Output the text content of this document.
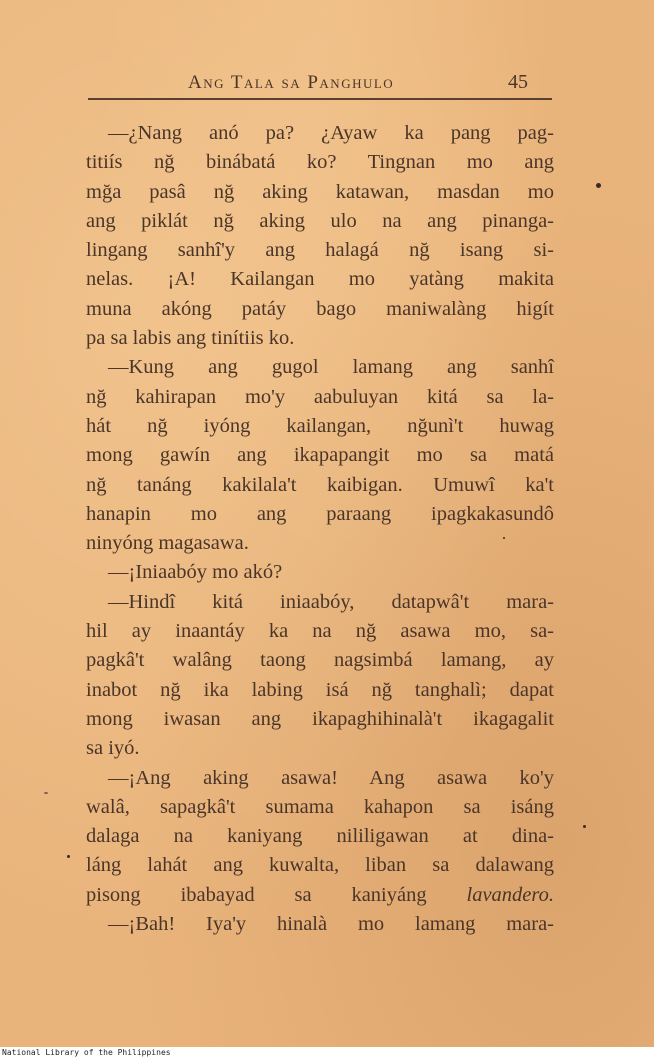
Ang Tala sa Panghulo	45
—¿Nang anó pa? ¿Ayaw ka pang pag-
titiís nğ binábatá ko? Tingnan mo ang
mğa pasâ nğ aking katawan, masdan mo
ang piklát nğ aking ulo na ang pinanga-
lingang sanhî'y ang halagá nğ isang si-
nelas. ¡A! Kailangan mo yatàng makita
muna akóng patáy bago maniwalàng higít
pa sa labis ang tinítiis ko.
—Kung ang gugol lamang ang sanhî
nğ kahirapan mo'y aabuluyan kitá sa la-
hát nğ iyóng kailangan, nğunì't huwag
mong gawín ang ikapapangit mo sa matá
nğ tanáng kakilala't kaibigan. Umuwî ka't
hanapin mo ang paraang ipagkakasundô
ninyóng magasawa.
—¡Iniaabóy mo akó?
—Hindî kitá iniaabóy, datapwâ't mara-
hil ay inaantáy ka na nğ asawa mo, sa-
pagkâ't walâng taong nagsimbá lamang, ay
inabot nğ ika labing isá nğ tanghalì; dapat
mong iwasan ang ikapaghihinalà't ikagagalit
sa iyó.
—¡Ang aking asawa! Ang asawa ko'y
walâ, sapagkâ't sumama kahapon sa isáng
dalaga na kaniyang nililigawan at dina-
láng lahát ang kuwalta, liban sa dalawang
pisong ibabayad sa kaniyáng lavandero.
—¡Bah! Iya'y hinalà mo lamang mara-
National Library of the Philippines
